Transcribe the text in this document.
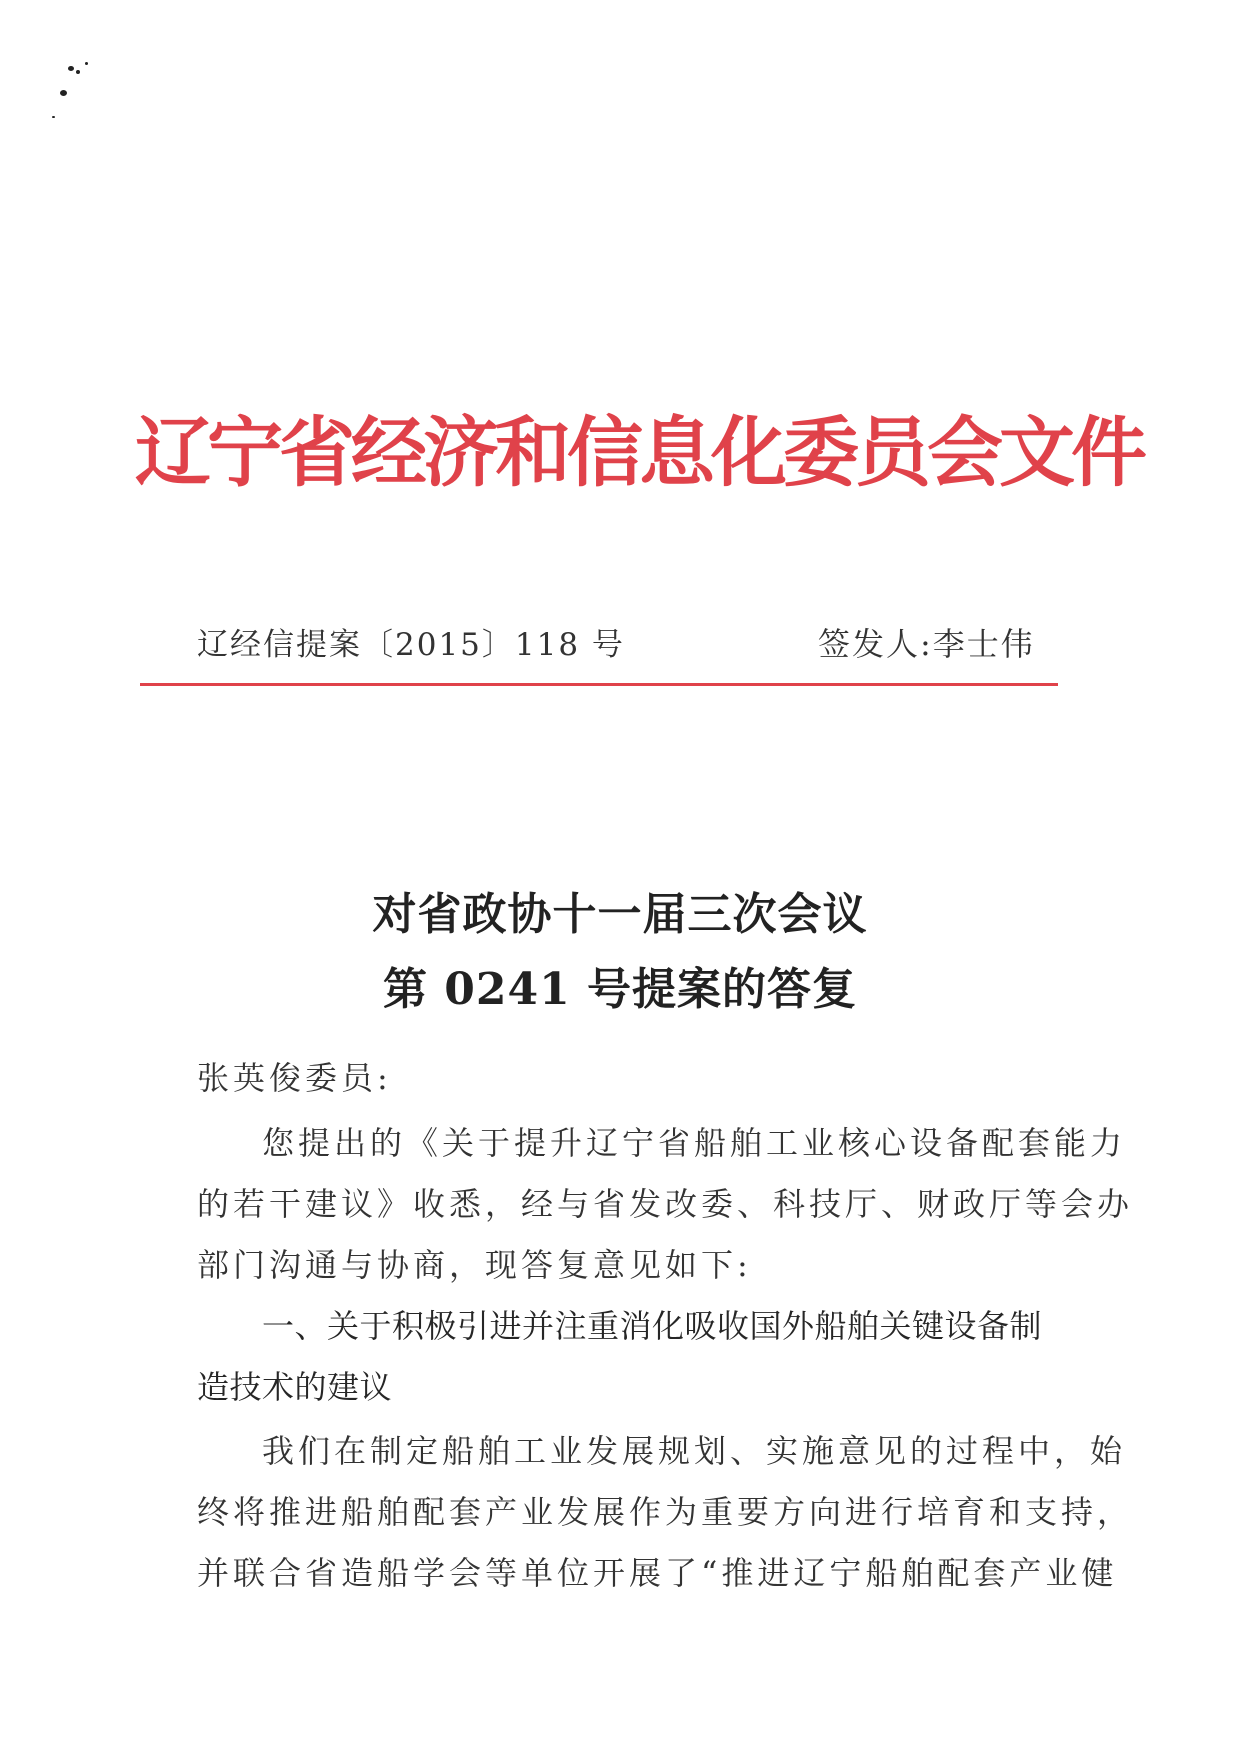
辽宁省经济和信息化委员会文件
辽经信提案〔2015〕118 号	签发人:李士伟
对省政协十一届三次会议
第 0241 号提案的答复
张英俊委员:
您提出的《关于提升辽宁省船舶工业核心设备配套能力
的若干建议》收悉，经与省发改委、科技厅、财政厅等会办
部门沟通与协商，现答复意见如下:
一、关于积极引进并注重消化吸收国外船舶关键设备制
造技术的建议
我们在制定船舶工业发展规划、实施意见的过程中，始
终将推进船舶配套产业发展作为重要方向进行培育和支持，
并联合省造船学会等单位开展了“推进辽宁船舶配套产业健
